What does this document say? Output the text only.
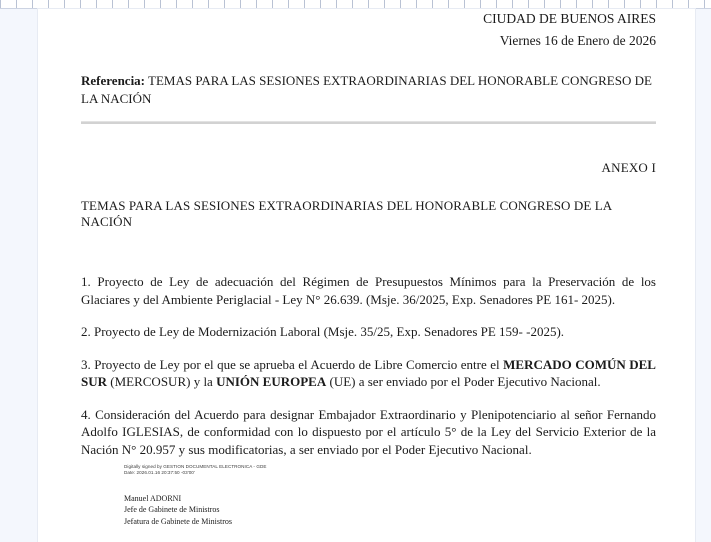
CIUDAD DE BUENOS AIRES
Viernes 16 de Enero de 2026
Referencia: TEMAS PARA LAS SESIONES EXTRAORDINARIAS DEL HONORABLE CONGRESO DE LA NACIÓN
ANEXO I
TEMAS PARA LAS SESIONES EXTRAORDINARIAS DEL HONORABLE CONGRESO DE LA NACIÓN
1. Proyecto de Ley de adecuación del Régimen de Presupuestos Mínimos para la Preservación de los Glaciares y del Ambiente Periglacial - Ley N° 26.639. (Msje. 36/2025, Exp. Senadores PE 161- 2025).
2. Proyecto de Ley de Modernización Laboral (Msje. 35/25, Exp. Senadores PE 159- -2025).
3. Proyecto de Ley por el que se aprueba el Acuerdo de Libre Comercio entre el MERCADO COMÚN DEL SUR (MERCOSUR) y la UNIÓN EUROPEA (UE) a ser enviado por el Poder Ejecutivo Nacional.
4. Consideración del Acuerdo para designar Embajador Extraordinario y Plenipotenciario al señor Fernando Adolfo IGLESIAS, de conformidad con lo dispuesto por el artículo 5° de la Ley del Servicio Exterior de la Nación N° 20.957 y sus modificatorias, a ser enviado por el Poder Ejecutivo Nacional.
Digitally signed by GESTION DOCUMENTAL ELECTRONICA - GDE
Date: 2026.01.16 20:37:50 -03'00'
Manuel ADORNI
Jefe de Gabinete de Ministros
Jefatura de Gabinete de Ministros
